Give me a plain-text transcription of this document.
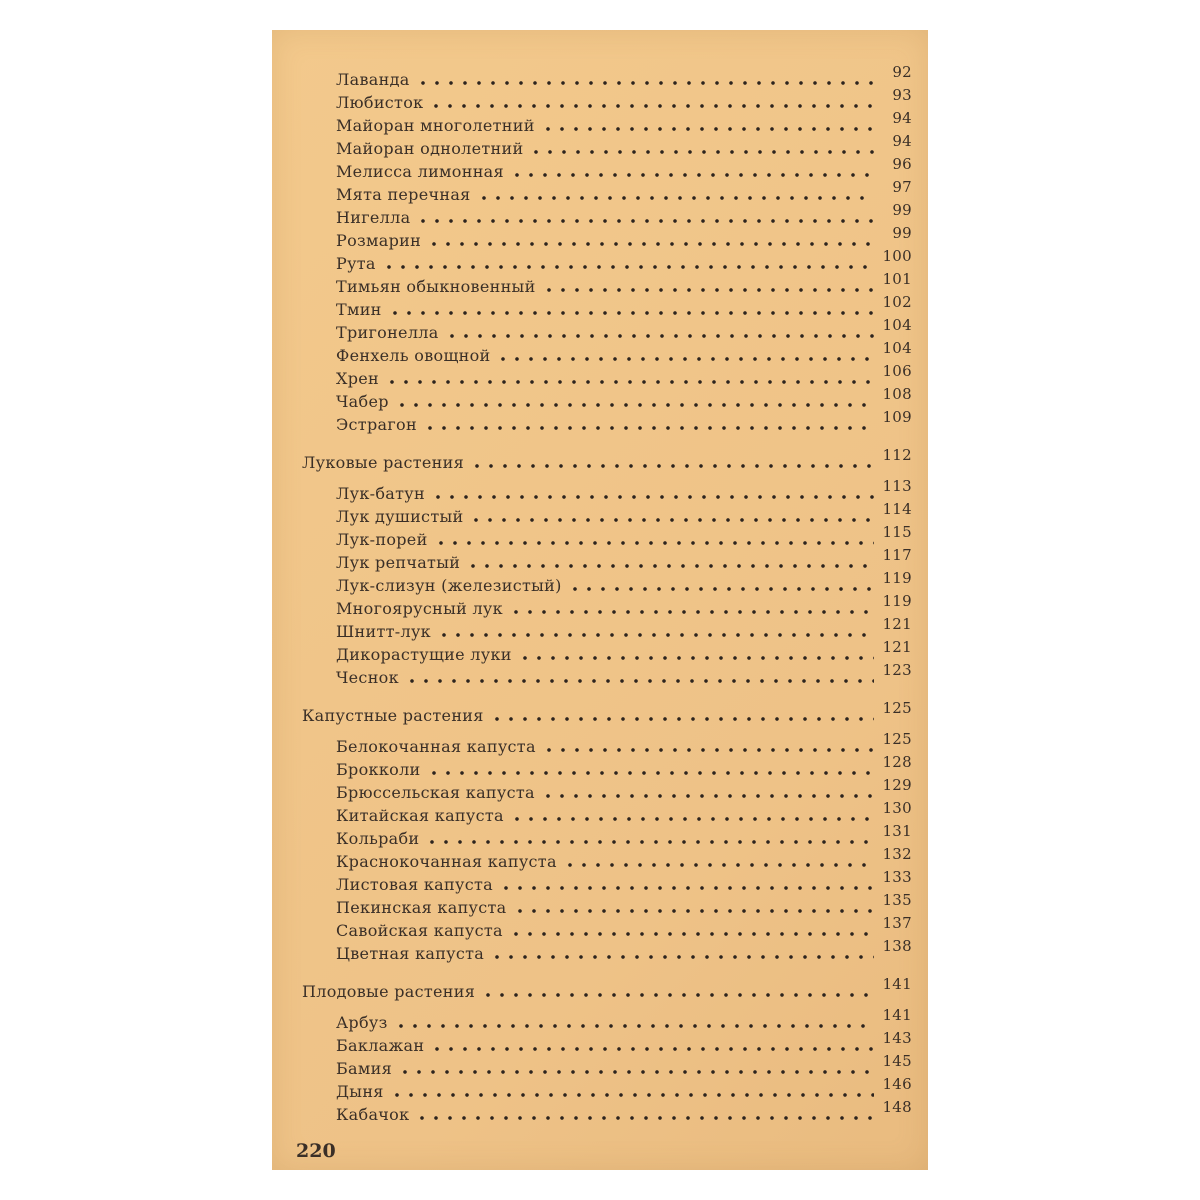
Лаванда	92
Любисток	93
Майоран многолетний	94
Майоран однолетний	94
Мелисса лимонная	96
Мята перечная	97
Нигелла	99
Розмарин	99
Рута	100
Тимьян обыкновенный	101
Тмин	102
Тригонелла	104
Фенхель овощной	104
Хрен	106
Чабер	108
Эстрагон	109
Луковые растения	112
Лук-батун	113
Лук душистый	114
Лук-порей	115
Лук репчатый	117
Лук-слизун (железистый)	119
Многоярусный лук	119
Шнитт-лук	121
Дикорастущие луки	121
Чеснок	123
Капустные растения	125
Белокочанная капуста	125
Брокколи	128
Брюссельская капуста	129
Китайская капуста	130
Кольраби	131
Краснокочанная капуста	132
Листовая капуста	133
Пекинская капуста	135
Савойская капуста	137
Цветная капуста	138
Плодовые растения	141
Арбуз	141
Баклажан	143
Бамия	145
Дыня	146
Кабачок	148
220
